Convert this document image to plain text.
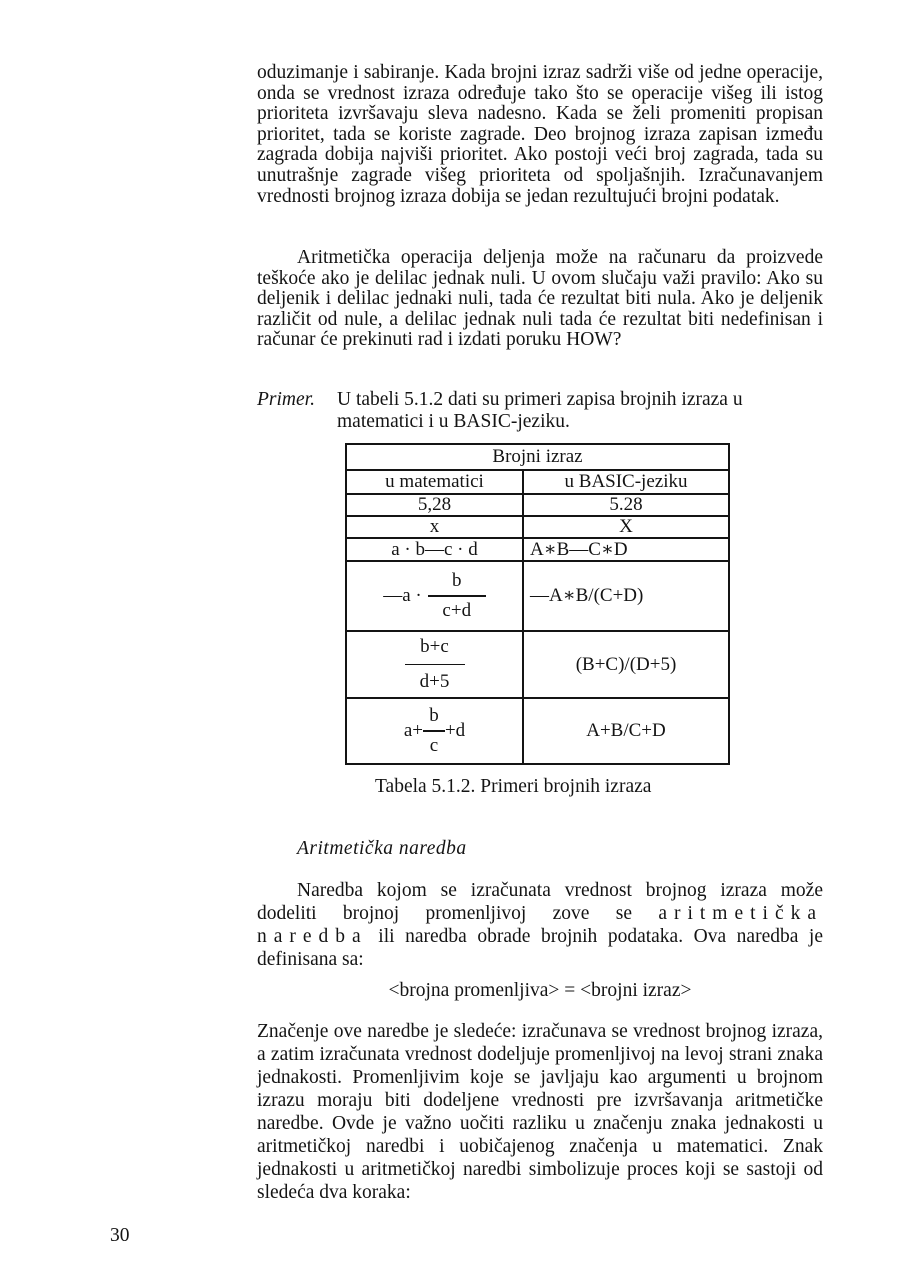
oduzimanje i sabiranje. Kada brojni izraz sadrži više od jedne operacije, onda se vrednost izraza određuje tako što se operacije višeg ili istog prioriteta izvršavaju sleva nadesno. Kada se želi promeniti propisan prioritet, tada se koriste zagrade. Deo brojnog izraza zapisan između zagrada dobija najviši prioritet. Ako postoji veći broj zagrada, tada su unutrašnje zagrade višeg prioriteta od spoljašnjih. Izračunavanjem vrednosti brojnog izraza dobija se jedan rezultujući brojni podatak.

Aritmetička operacija deljenja može na računaru da proizvede teškoće ako je delilac jednak nuli. U ovom slučaju važi pravilo: Ako su deljenik i delilac jednaki nuli, tada će rezultat biti nula. Ako je deljenik različit od nule, a delilac jednak nuli tada će rezultat biti nedefinisan i računar će prekinuti rad i izdati poruku HOW?

Primer. U tabeli 5.1.2 dati su primeri zapisa brojnih izraza u matematici i u BASIC-jeziku.
Brojni izraz	
u matematici	u BASIC-jeziku
5,28	5.28
x	X
a · b—c · d	A∗B—C∗D

—a · $\frac{b}{c+d}$	—A∗B/(C+D)

$\frac{b+c}{d+5}$	(B+C)/(D+5)

$a+ \frac{b}{c} +d$	A+B/C+D
Tabela 5.1.2. Primeri brojnih izraza
Aritmetička naredba

Naredba kojom se izračunata vrednost brojnog izraza može dodeliti brojnoj promenljivoj zove se aritmetička naredba ili naredba obrade brojnih podataka. Ova naredba je definisana sa:

<brojna promenljiva> = <brojni izraz>

Značenje ove naredbe je sledeće: izračunava se vrednost brojnog izraza, a zatim izračunata vrednost dodeljuje promenljivoj na levoj strani znaka jednakosti. Promenljivim koje se javljaju kao argumenti u brojnom izrazu moraju biti dodeljene vrednosti pre izvršavanja aritmetičke naredbe. Ovde je važno uočiti razliku u značenju znaka jednakosti u aritmetičkoj naredbi i uobičajenog značenja u matematici. Znak jednakosti u aritmetičkoj naredbi simbolizuje proces koji se sastoji od sledeća dva koraka:

30
